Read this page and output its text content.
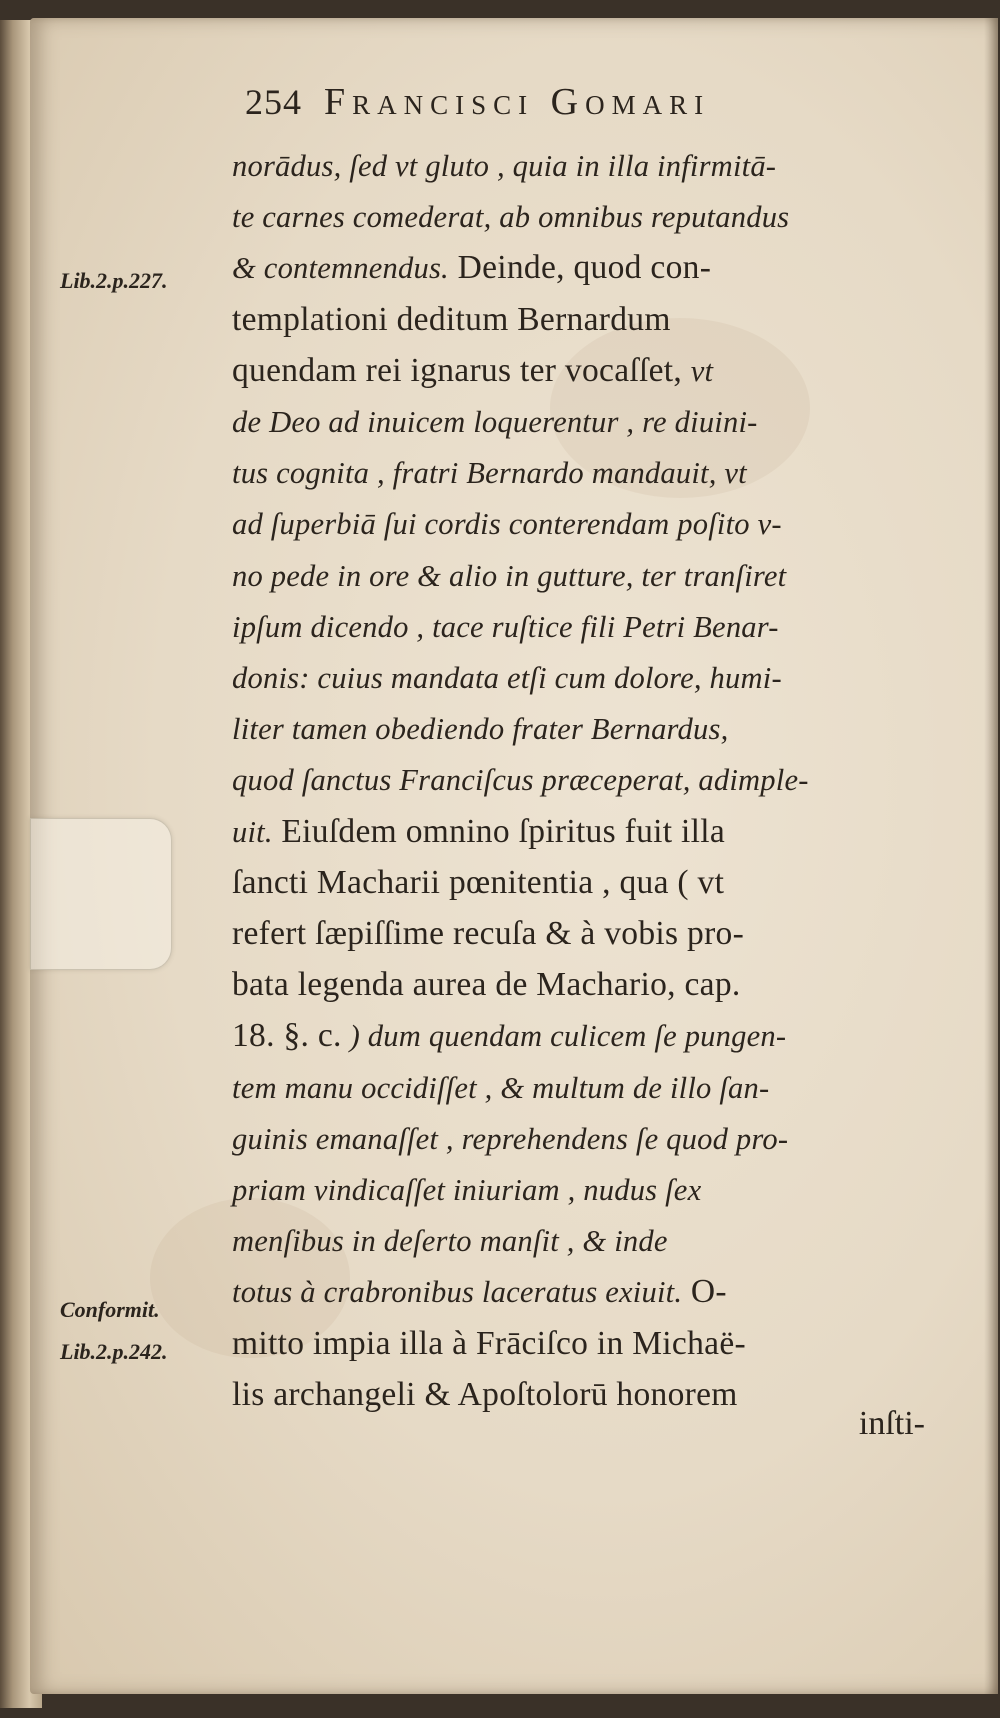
254 Francisci Gomari
Lib.2.p.227.
Conformit.
Lib.2.p.242.
norādus, ſed vt gluto , quia in illa infirmitā-
te carnes comederat, ab omnibus reputandus
& contemnendus. Deinde, quod con-
templationi deditum Bernardum
quendam rei ignarus ter vocaſſet, vt
de Deo ad inuicem loquerentur , re diuini-
tus cognita , fratri Bernardo mandauit, vt
ad ſuperbiā ſui cordis conterendam poſito v-
no pede in ore & alio in gutture, ter tranſiret
ipſum dicendo , tace ruſtice fili Petri Benar-
donis: cuius mandata etſi cum dolore, humi-
liter tamen obediendo frater Bernardus,
quod ſanctus Franciſcus præceperat, adimple-
uit. Eiuſdem omnino ſpiritus fuit illa
ſancti Macharii pœnitentia , qua ( vt
refert ſæpiſſime recuſa & à vobis pro-
bata legenda aurea de Machario, cap.
18. §. c. ) dum quendam culicem ſe pungen-
tem manu occidiſſet , & multum de illo ſan-
guinis emanaſſet , reprehendens ſe quod pro-
priam vindicaſſet iniuriam , nudus ſex
menſibus in deſerto manſit , & inde
totus à crabronibus laceratus exiuit. O-
mitto impia illa à Frāciſco in Michaë-
lis archangeli & Apoſtolorū honorem
inſti-
